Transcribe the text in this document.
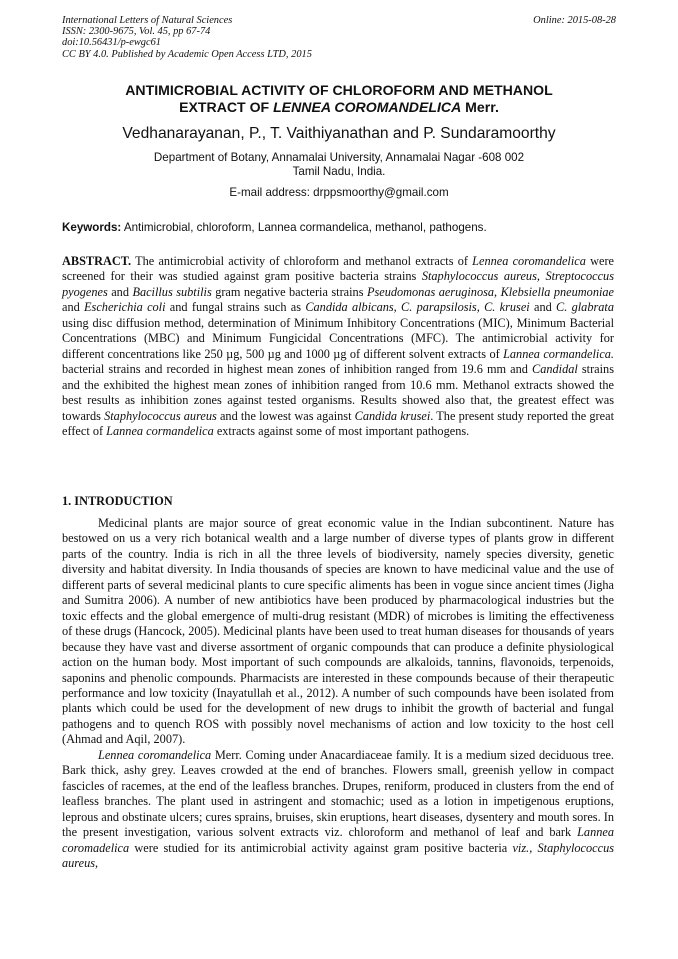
International Letters of Natural Sciences
ISSN: 2300-9675, Vol. 45, pp 67-74
doi:10.56431/p-ewgc61
CC BY 4.0. Published by Academic Open Access LTD, 2015
Online: 2015-08-28
ANTIMICROBIAL ACTIVITY OF CHLOROFORM AND METHANOL
EXTRACT OF LENNEA COROMANDELICA Merr.
Vedhanarayanan, P., T. Vaithiyanathan and P. Sundaramoorthy
Department of Botany, Annamalai University, Annamalai Nagar -608 002
Tamil Nadu, India.
E-mail address: drppsmoorthy@gmail.com
Keywords: Antimicrobial, chloroform, Lannea cormandelica, methanol, pathogens.
ABSTRACT. The antimicrobial activity of chloroform and methanol extracts of Lennea coromandelica were screened for their was studied against gram positive bacteria strains Staphylococcus aureus, Streptococcus pyogenes and Bacillus subtilis gram negative bacteria strains Pseudomonas aeruginosa, Klebsiella pneumoniae and Escherichia coli and fungal strains such as Candida albicans, C. parapsilosis, C. krusei and C. glabrata using disc diffusion method, determination of Minimum Inhibitory Concentrations (MIC), Minimum Bacterial Concentrations (MBC) and Minimum Fungicidal Concentrations (MFC). The antimicrobial activity for different concentrations like 250 µg, 500 µg and 1000 µg of different solvent extracts of Lannea cormandelica. bacterial strains and recorded in highest mean zones of inhibition ranged from 19.6 mm and Candidal strains and the exhibited the highest mean zones of inhibition ranged from 10.6 mm. Methanol extracts showed the best results as inhibition zones against tested organisms. Results showed also that, the greatest effect was towards Staphylococcus aureus and the lowest was against Candida krusei. The present study reported the great effect of Lannea cormandelica extracts against some of most important pathogens.
1. INTRODUCTION

Medicinal plants are major source of great economic value in the Indian subcontinent. Nature has bestowed on us a very rich botanical wealth and a large number of diverse types of plants grow in different parts of the country. India is rich in all the three levels of biodiversity, namely species diversity, genetic diversity and habitat diversity. In India thousands of species are known to have medicinal value and the use of different parts of several medicinal plants to cure specific aliments has been in vogue since ancient times (Jigha and Sumitra 2006). A number of new antibiotics have been produced by pharmacological industries but the toxic effects and the global emergence of multi-drug resistant (MDR) of microbes is limiting the effectiveness of these drugs (Hancock, 2005). Medicinal plants have been used to treat human diseases for thousands of years because they have vast and diverse assortment of organic compounds that can produce a definite physiological action on the human body. Most important of such compounds are alkaloids, tannins, flavonoids, terpenoids, saponins and phenolic compounds. Pharmacists are interested in these compounds because of their therapeutic performance and low toxicity (Inayatullah et al., 2012). A number of such compounds have been isolated from plants which could be used for the development of new drugs to inhibit the growth of bacterial and fungal pathogens and to quench ROS with possibly novel mechanisms of action and low toxicity to the host cell (Ahmad and Aqil, 2007).

Lennea coromandelica Merr. Coming under Anacardiaceae family. It is a medium sized deciduous tree. Bark thick, ashy grey. Leaves crowded at the end of branches. Flowers small, greenish yellow in compact fascicles of racemes, at the end of the leafless branches. Drupes, reniform, produced in clusters from the end of leafless branches. The plant used in astringent and stomachic; used as a lotion in impetigenous eruptions, leprous and obstinate ulcers; cures sprains, bruises, skin eruptions, heart diseases, dysentery and mouth sores. In the present investigation, various solvent extracts viz. chloroform and methanol of leaf and bark Lannea coromadelica were studied for its antimicrobial activity against gram positive bacteria viz., Staphylococcus aureus,
